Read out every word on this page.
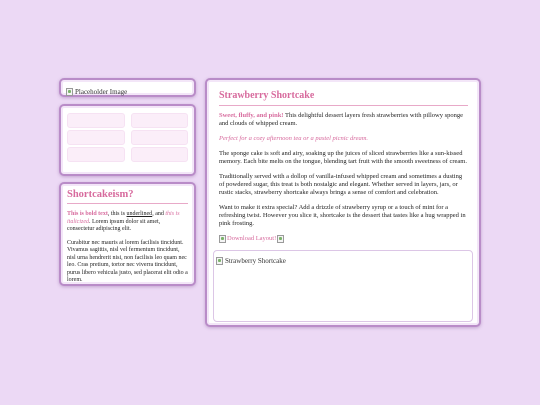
Placeholder Image
Home	About
Recipes	Gallery
Blog	Contact
Shortcakeism?

This is bold text, this is underlined, and this is italicized. Lorem ipsum dolor sit amet, consectetur adipiscing elit.

Curabitur nec mauris at lorem facilisis tincidunt. Vivamus sagittis, nisl vel fermentum tincidunt, nisl urna hendrerit nisi, non facilisis leo quam nec leo. Cras pretium, tortor nec viverra tincidunt, purus libero vehicula justo, sed placerat elit odio a lorem.

Strawberry Shortcake

Sweet, fluffy, and pink! This delightful dessert layers fresh strawberries with pillowy sponge and clouds of whipped cream.

Perfect for a cozy afternoon tea or a pastel picnic dream.

The sponge cake is soft and airy, soaking up the juices of sliced strawberries like a sun-kissed memory. Each bite melts on the tongue, blending tart fruit with the smooth sweetness of cream.

Traditionally served with a dollop of vanilla-infused whipped cream and sometimes a dusting of powdered sugar, this treat is both nostalgic and elegant. Whether served in layers, jars, or rustic stacks, strawberry shortcake always brings a sense of comfort and celebration.

Want to make it extra special? Add a drizzle of strawberry syrup or a touch of mint for a refreshing twist. However you slice it, shortcake is the dessert that tastes like a hug wrapped in pink frosting.

Download Layout!
Strawberry Shortcake
